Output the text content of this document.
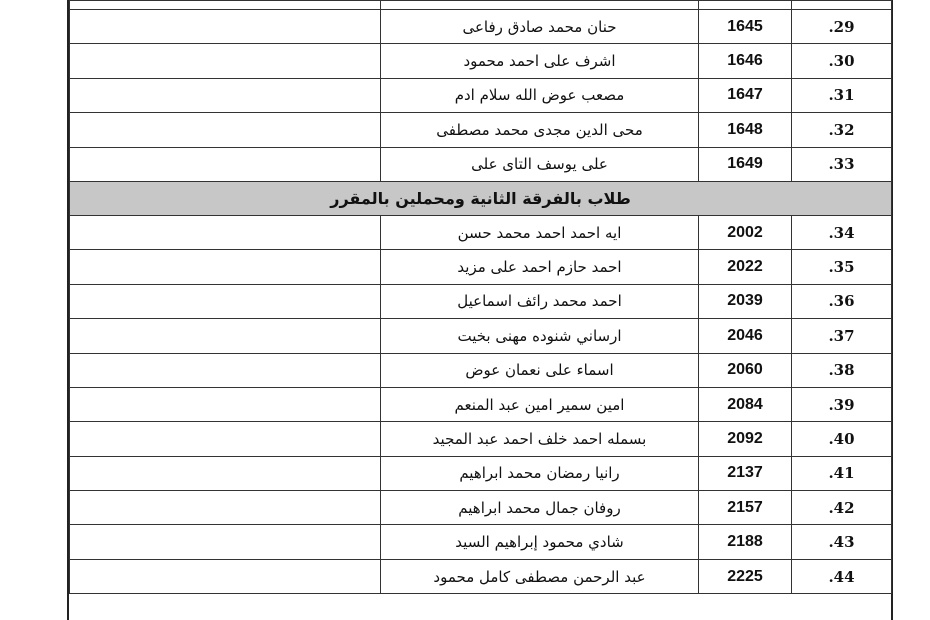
.29	1645	حنان محمد صادق رفاعى	
.30	1646	اشرف على احمد محمود	
.31	1647	مصعب عوض الله سلام ادم	
.32	1648	محى الدين مجدى محمد مصطفى	
.33	1649	على يوسف التاى على	
طلاب بالفرقة الثانية ومحملين بالمقرر			
.34	2002	ايه احمد احمد محمد حسن	
.35	2022	احمد حازم احمد على مزيد	
.36	2039	احمد محمد رائف اسماعيل	
.37	2046	ارساني شنوده مهنى بخيت	
.38	2060	اسماء على نعمان عوض	
.39	2084	امين سمير امين عبد المنعم	
.40	2092	بسمله احمد خلف احمد عبد المجيد	
.41	2137	رانيا رمضان محمد ابراهيم	
.42	2157	روفان جمال محمد ابراهيم	
.43	2188	شادي محمود إبراهيم السيد	
.44	2225	عبد الرحمن مصطفى كامل محمود	
